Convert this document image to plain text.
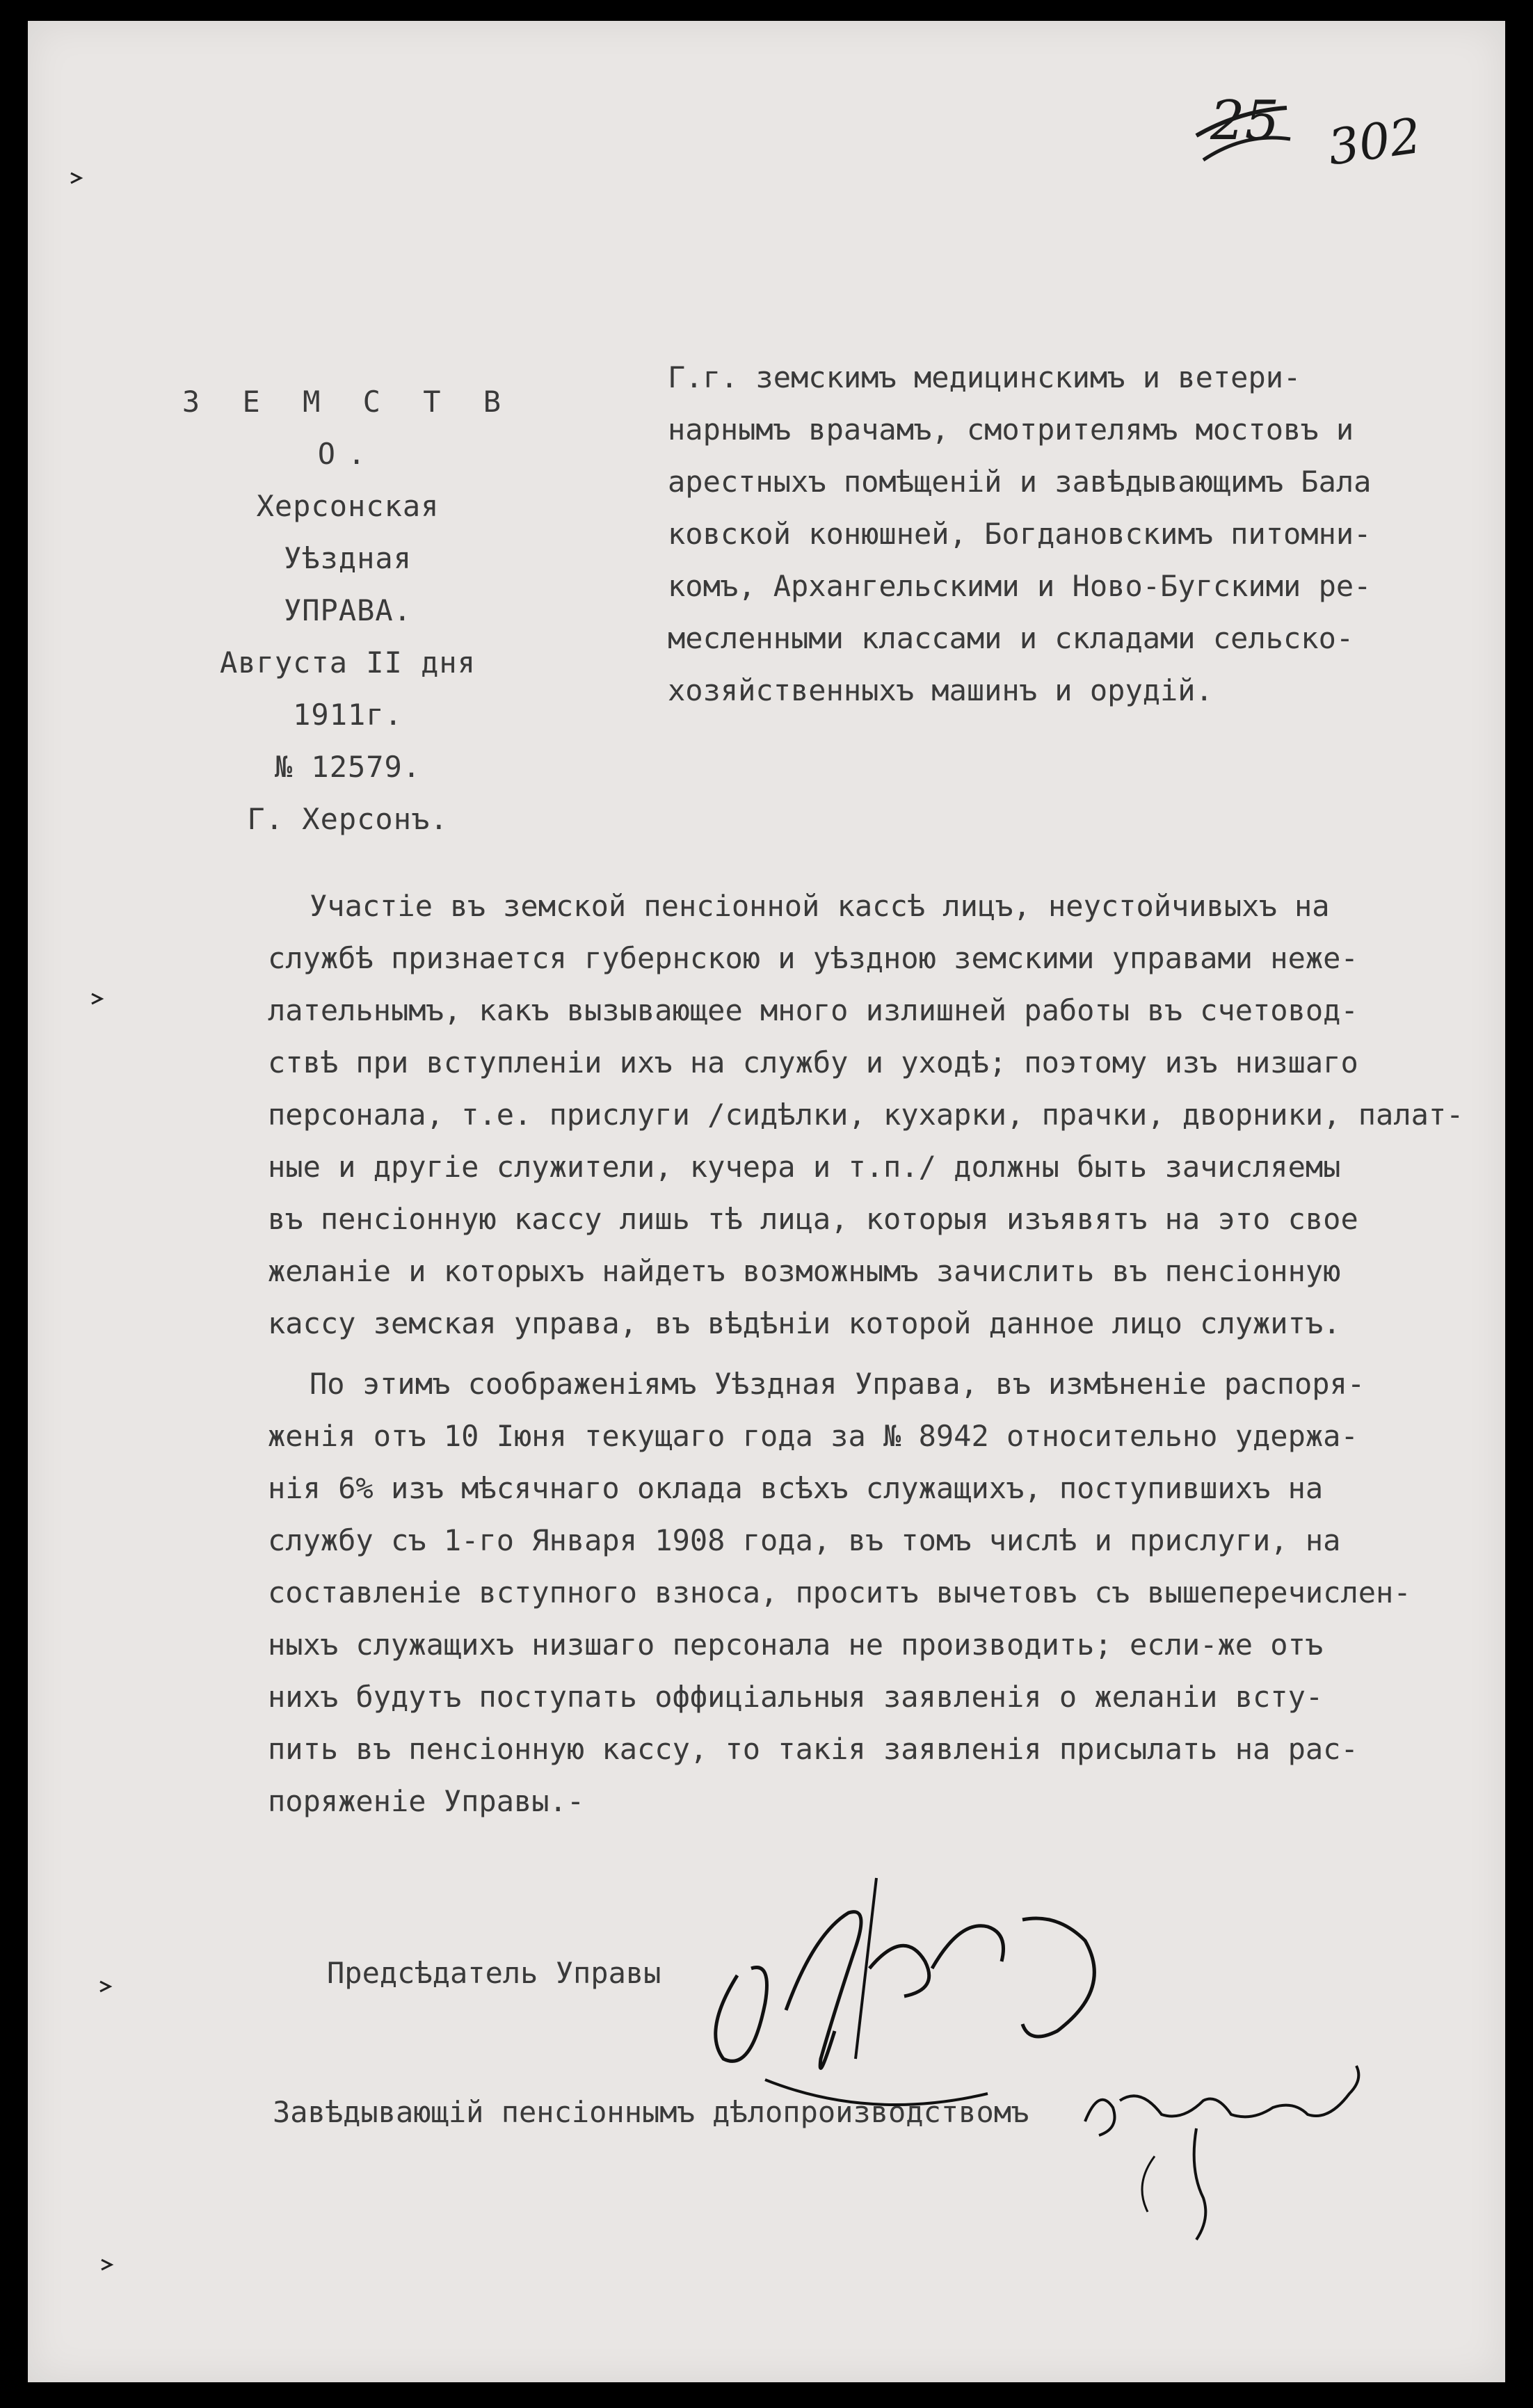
25 302
З Е М С Т В О.
Херсонская
Уѣздная
УПРАВА.
Августа II дня 1911г.
№ 12579.
Г. Херсонъ.
Г.г. земскимъ медицинскимъ и ветери-
нарнымъ врачамъ, смотрителямъ мостовъ и
арестныхъ помѣщеній и завѣдывающимъ Бала
ковской конюшней, Богдановскимъ питомни-
комъ, Архангельскими и Ново-Бугскими ре-
месленными классами и складами сельско-
хозяйственныхъ машинъ и орудій.
Участіе въ земской пенсіонной кассѣ лицъ, неустойчивыхъ на
службѣ признается губернскою и уѣздною земскими управами неже-
лательнымъ, какъ вызывающее много излишней работы въ счетовод-
ствѣ при вступленіи ихъ на службу и уходѣ; поэтому изъ низшаго
персонала, т.е. прислуги /сидѣлки, кухарки, прачки, дворники, палат-
ные и другіе служители, кучера и т.п./ должны быть зачисляемы
въ пенсіонную кассу лишь тѣ лица, которыя изъявятъ на это свое
желаніе и которыхъ найдетъ возможнымъ зачислить въ пенсіонную
кассу земская управа, въ вѣдѣніи которой данное лицо служитъ.
По этимъ соображеніямъ Уѣздная Управа, въ измѣненіе распоря-
женія отъ 10 Іюня текущаго года за № 8942 относительно удержа-
нія 6% изъ мѣсячнаго оклада всѣхъ служащихъ, поступившихъ на
службу съ 1-го Января 1908 года, въ томъ числѣ и прислуги, на
составленіе вступного взноса, проситъ вычетовъ съ вышеперечислен-
ныхъ служащихъ низшаго персонала не производить; если-же отъ
нихъ будутъ поступать оффиціальныя заявленія о желаніи всту-
пить въ пенсіонную кассу, то такія заявленія присылать на рас-
поряженіе Управы.-
Предсѣдатель Управы
Завѣдывающій пенсіоннымъ дѣлопроизводствомъ
